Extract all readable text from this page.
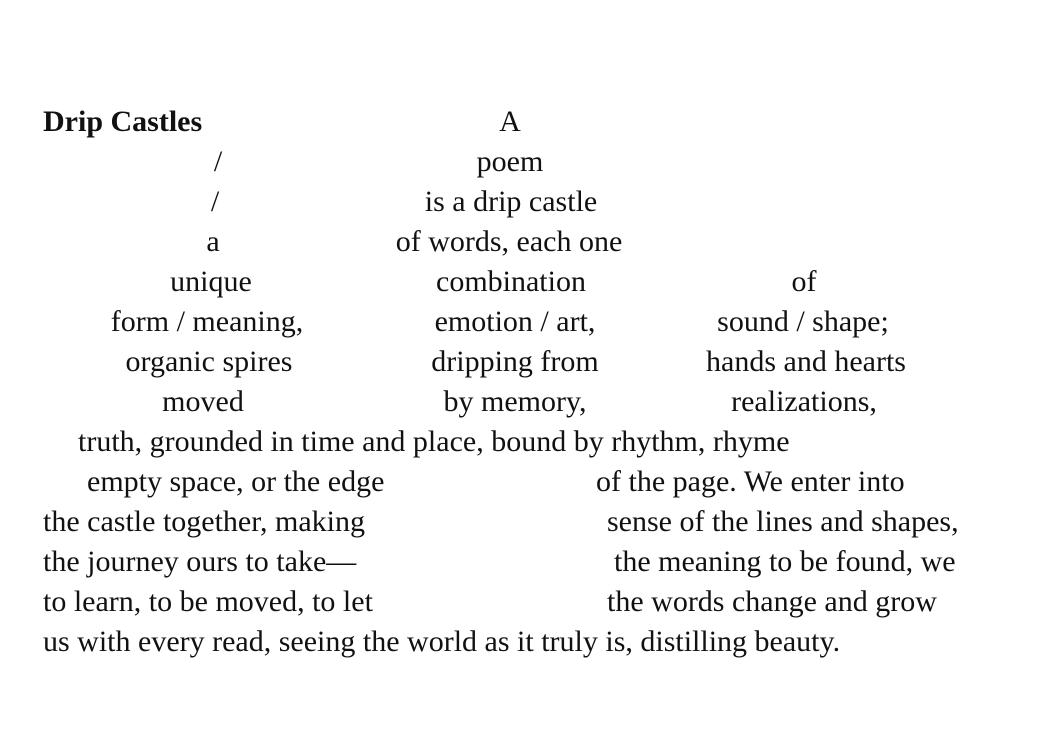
Drip Castles	A
/	poem
/	is a drip castle
a	of words, each one
unique	combination	of
form / meaning,	emotion / art,	sound / shape;
organic spires	dripping from	hands and hearts
moved	by memory,	realizations,
truth, grounded in time and place, bound by rhythm, rhyme
empty space, or the edge	of the page. We enter into
the castle together, making	sense of the lines and shapes,
the journey ours to take—	the meaning to be found, we
to learn, to be moved, to let	the words change and grow
us with every read, seeing the world as it truly is, distilling beauty.
